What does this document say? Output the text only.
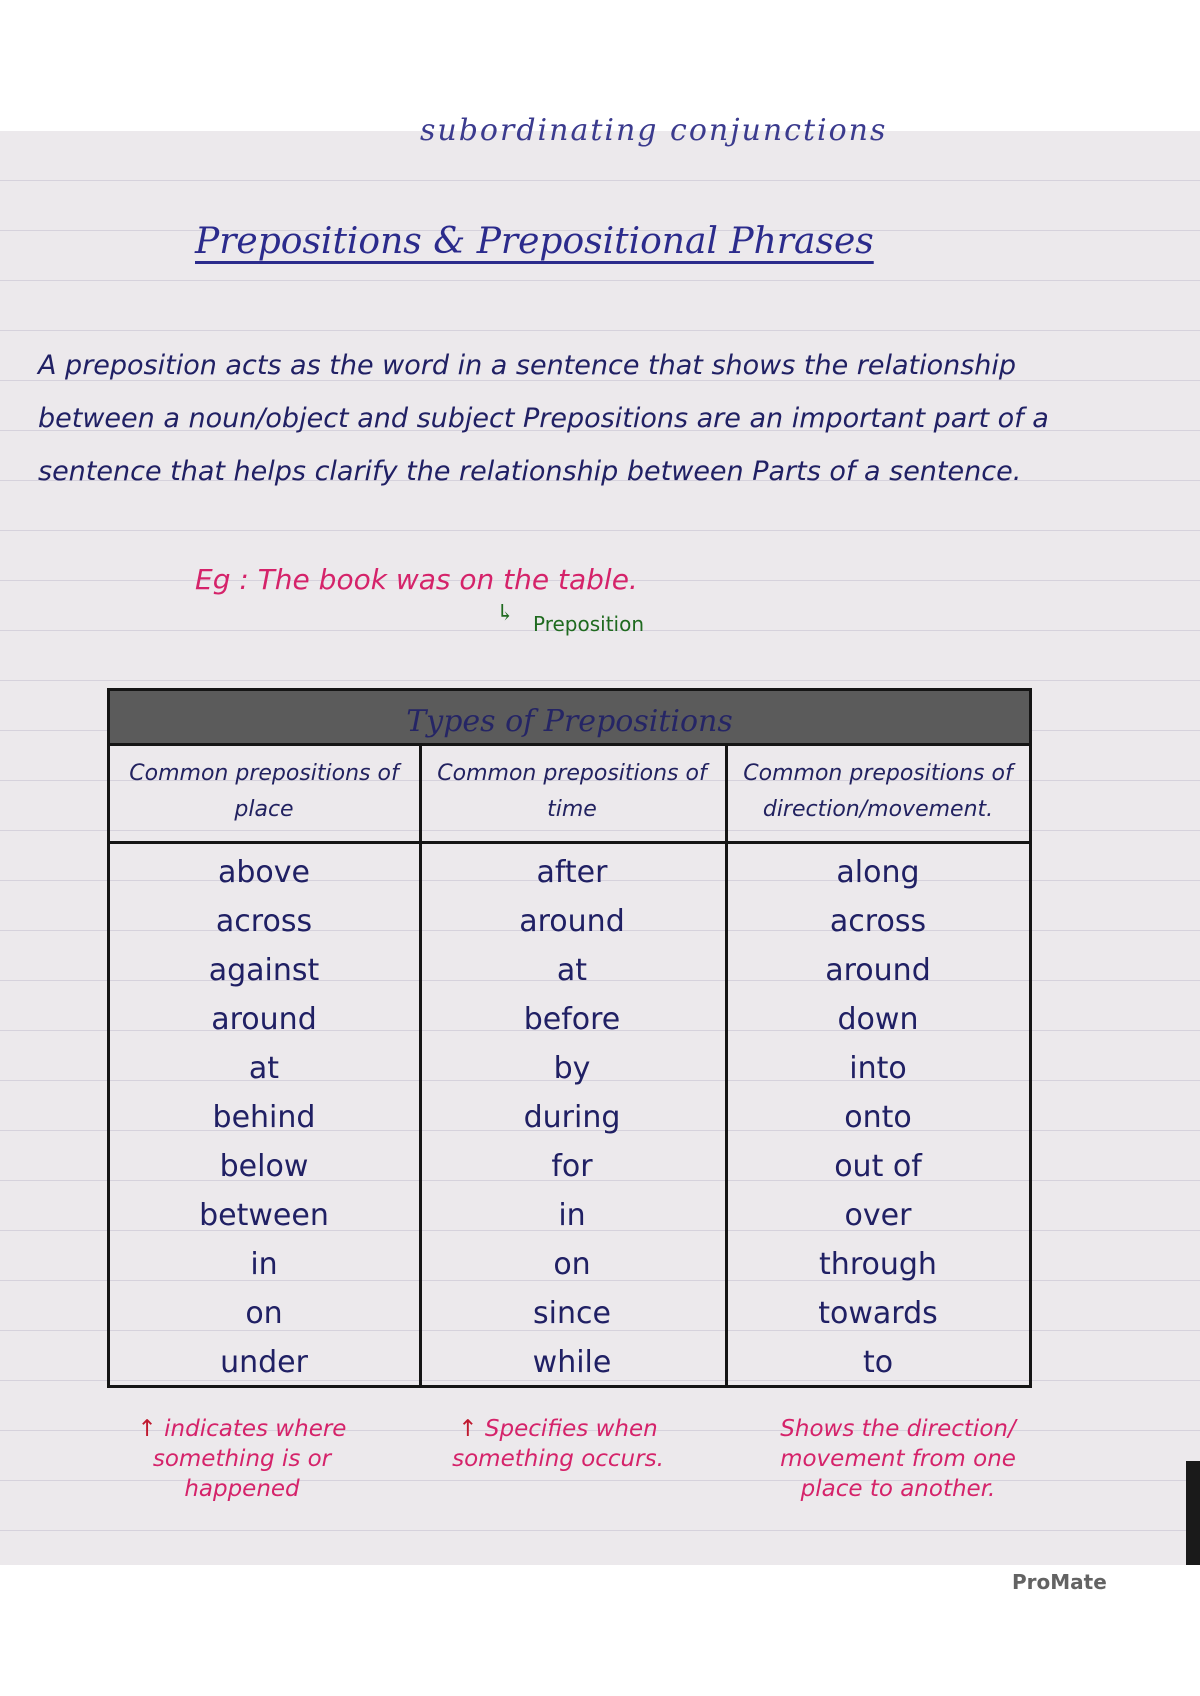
subordinating conjunctions
Prepositions & Prepositional Phrases
A preposition acts as the word in a sentence that shows the relationship between a noun/object and subject Prepositions are an important part of a sentence that helps clarify the relationship between Parts of a sentence.
Eg : The book was on the table.
↳ Preposition
Types of Prepositions
Common prepositions of place
Common prepositions of time
Common prepositions of direction/movement.
above
across
against
around
at
behind
below
between
in
on
under
after
around
at
before
by
during
for
in
on
since
while
along
across
around
down
into
onto
out of
over
through
towards
to
↑ indicates where something is or happened
↑ Specifies when something occurs.
Shows the direction/ movement from one place to another.
ProMate
